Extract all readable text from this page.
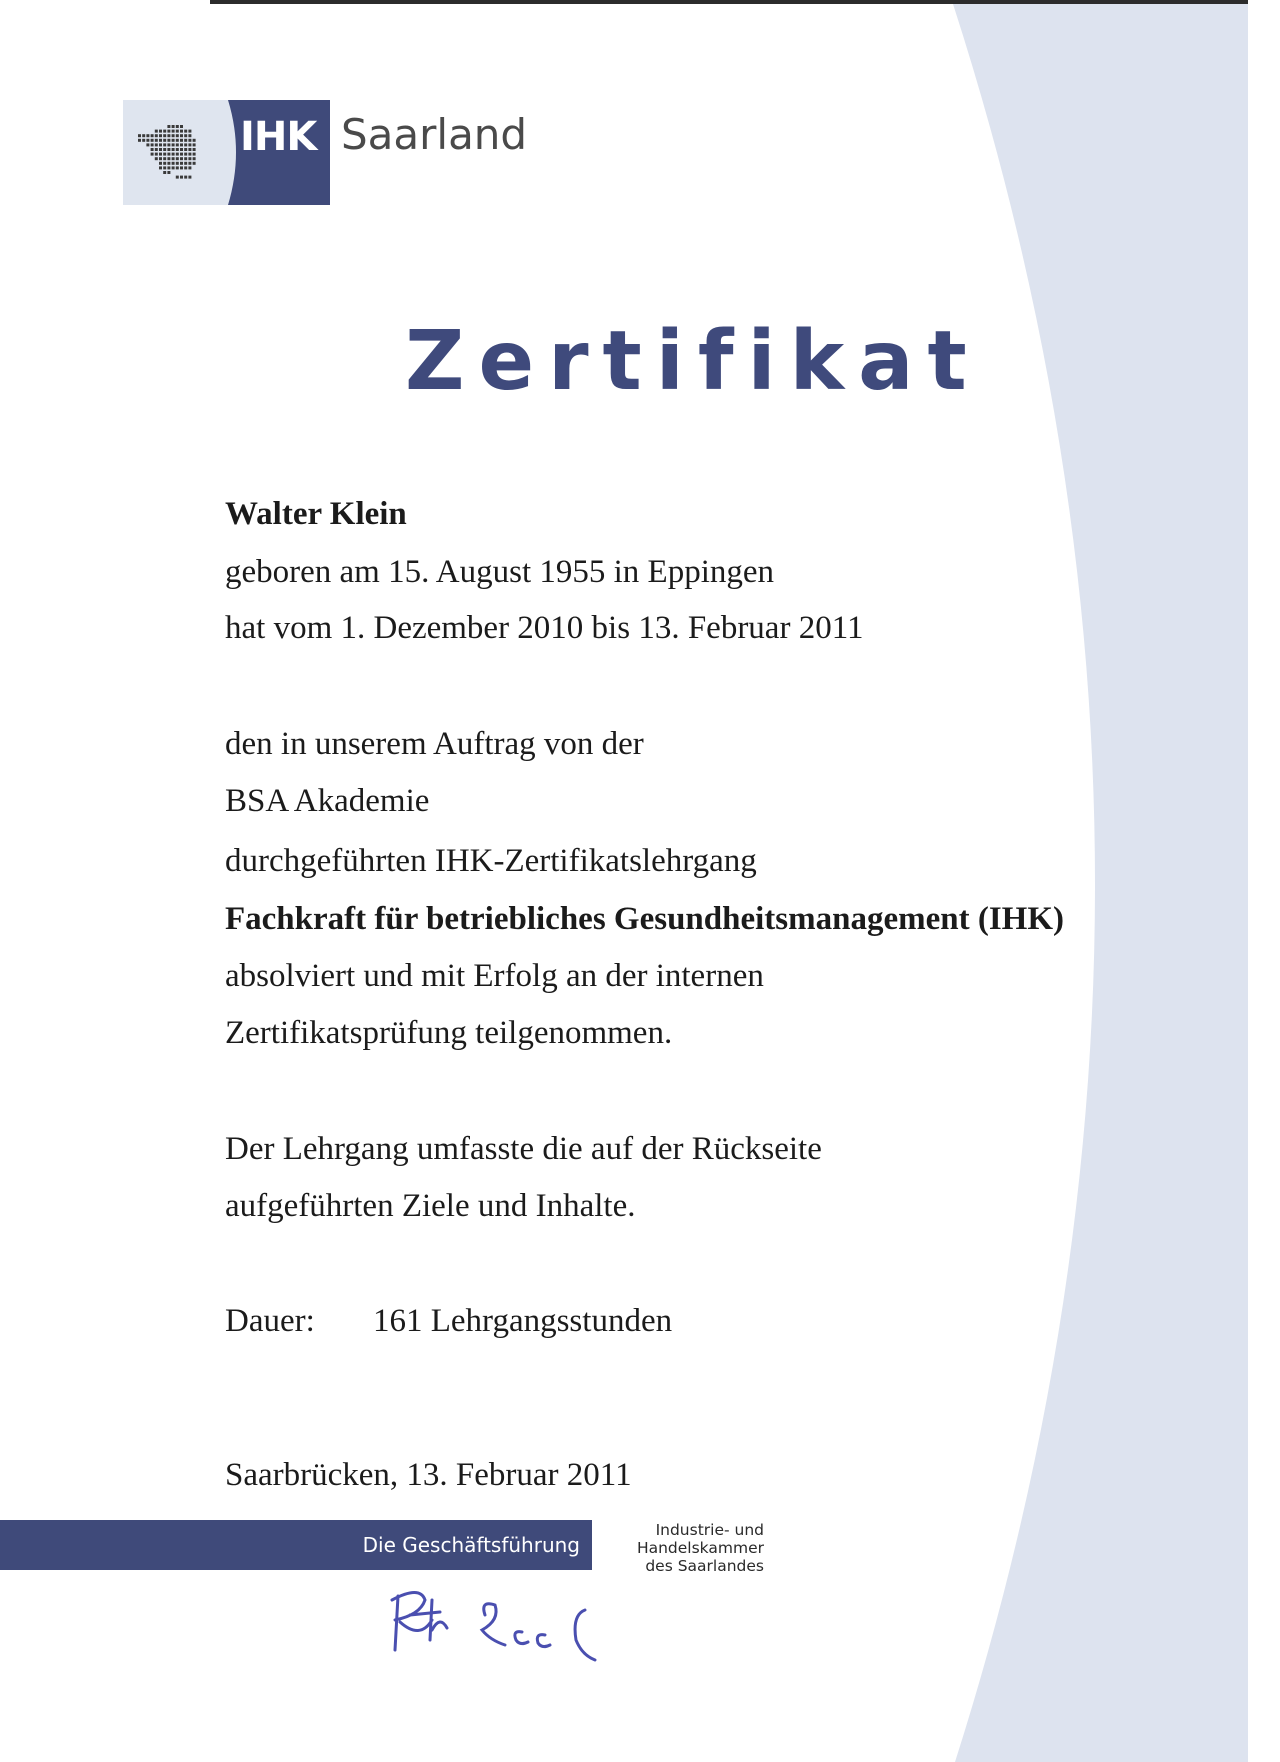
IHK Saarland
Zertifikat
Walter Klein
geboren am 15. August 1955 in Eppingen
hat vom 1. Dezember 2010 bis 13. Februar 2011
den in unserem Auftrag von der
BSA Akademie
durchgeführten IHK-Zertifikatslehrgang
Fachkraft für betriebliches Gesundheitsmanagement (IHK)
absolviert und mit Erfolg an der internen
Zertifikatsprüfung teilgenommen.
Der Lehrgang umfasste die auf der Rückseite
aufgeführten Ziele und Inhalte.
Dauer: 161 Lehrgangsstunden
Saarbrücken, 13. Februar 2011
Die Geschäftsführung
Industrie- und
Handelskammer
des Saarlandes
